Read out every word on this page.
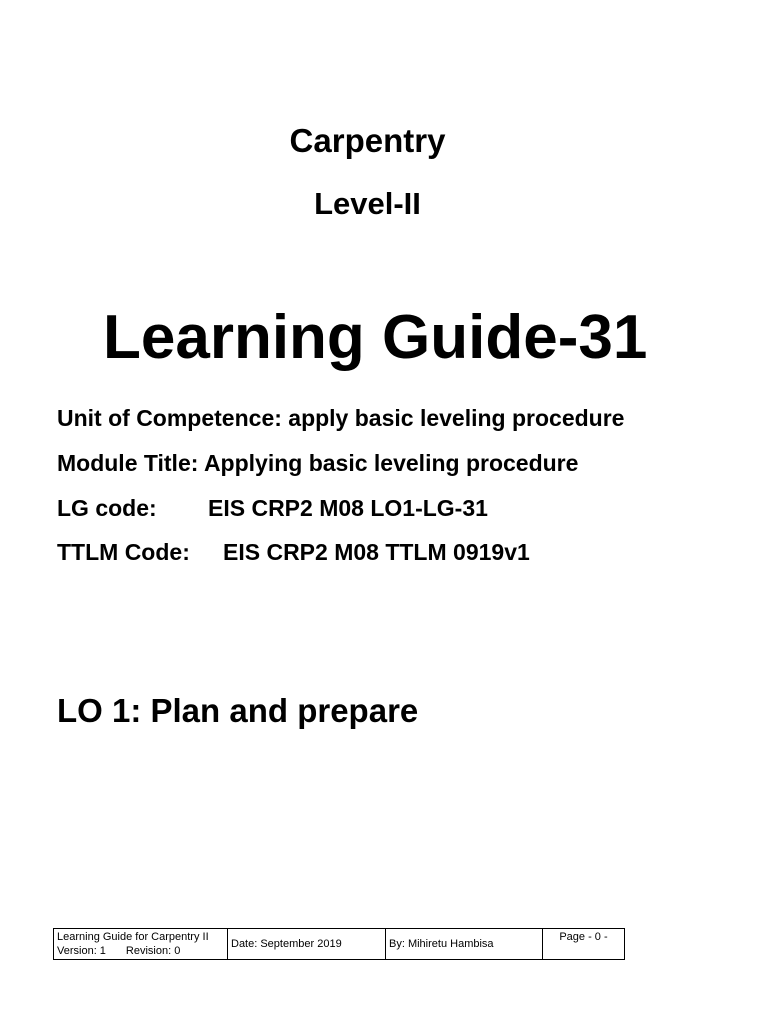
Carpentry
Level-II
Learning Guide-31
Unit of Competence: apply basic leveling procedure
Module Title: Applying basic leveling procedure
LG code: EIS CRP2 M08 LO1-LG-31
TTLM Code: EIS CRP2 M08 TTLM 0919v1
LO 1: Plan and prepare
Learning Guide for Carpentry II
Version: 1 Revision: 0
	Date: September 2019	By: Mihiretu Hambisa	Page - 0 -
